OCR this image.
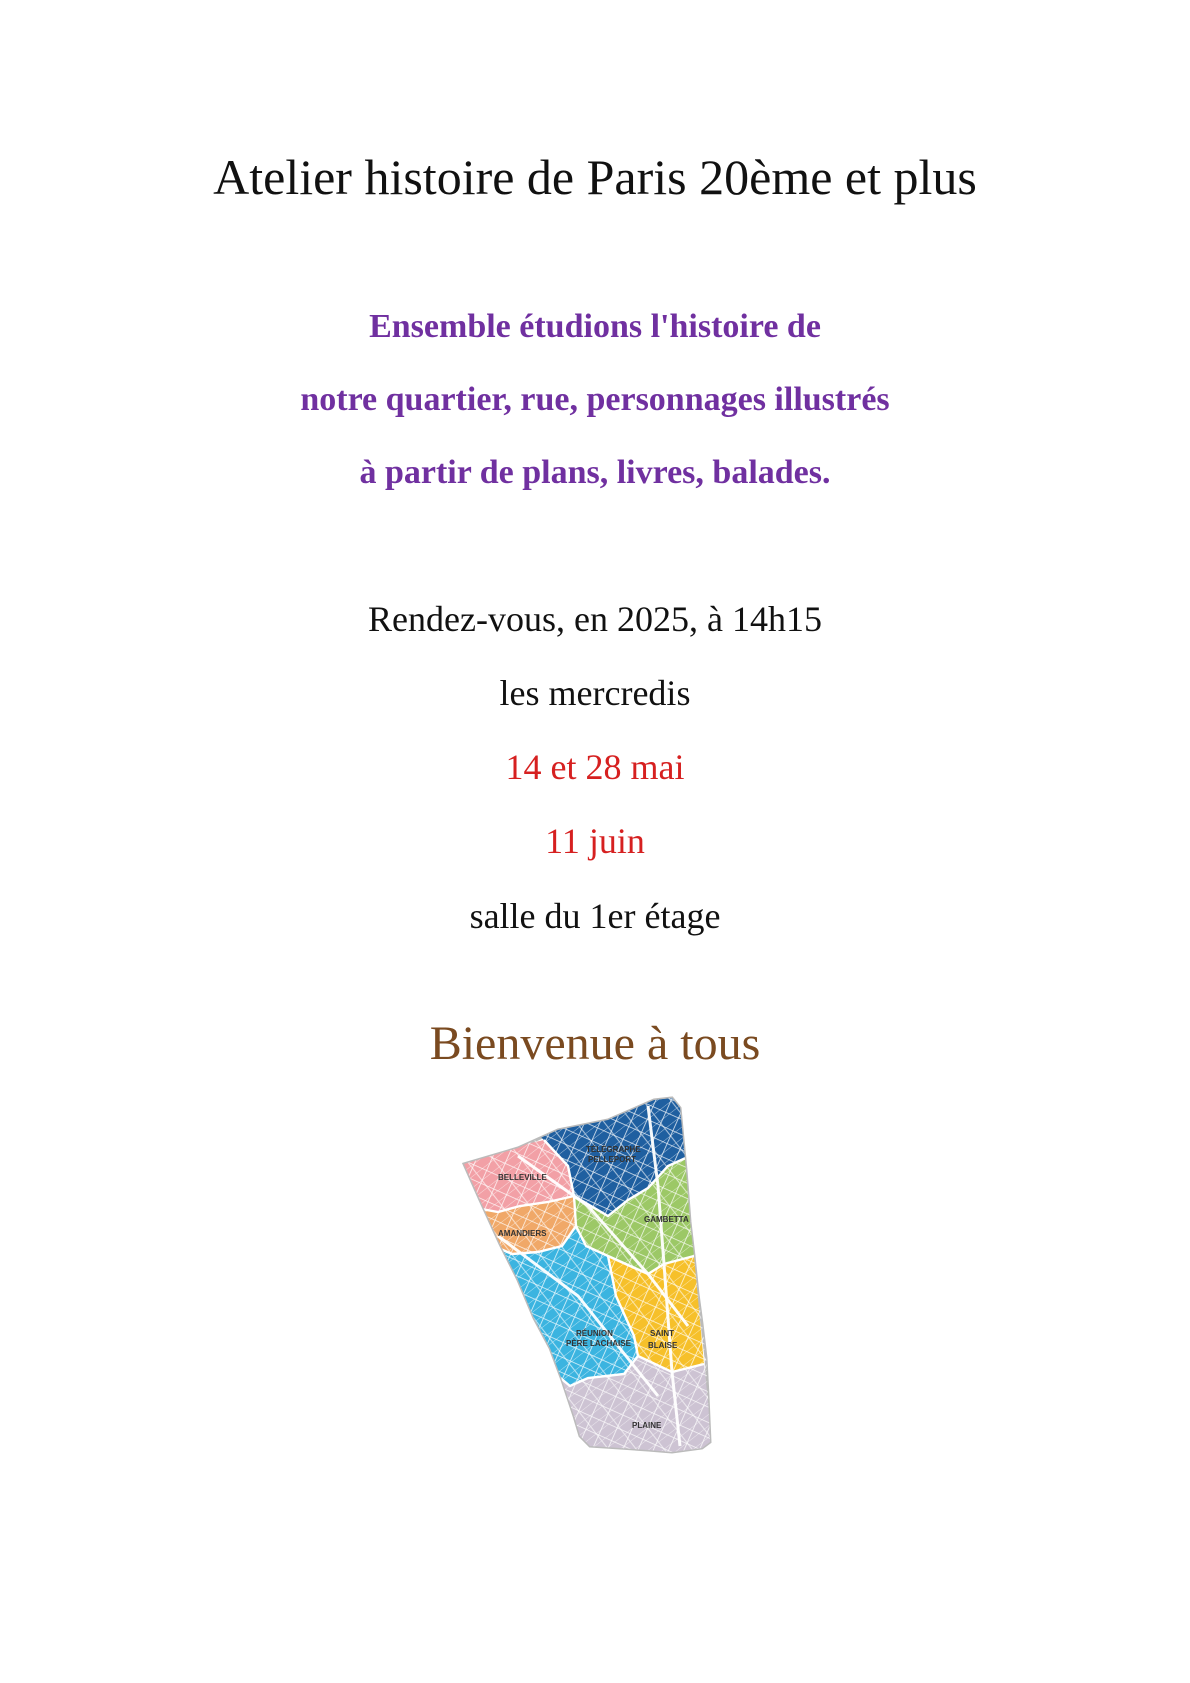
Atelier histoire de Paris 20ème et plus
Ensemble étudions l'histoire de
notre quartier, rue, personnages illustrés
à partir de plans, livres, balades.
Rendez-vous, en 2025, à 14h15
les mercredis
14 et 28 mai
11 juin
salle du 1er étage
Bienvenue à tous
BELLEVILLE
TÉLÉGRAPHE
PELLEPORT
AMANDIERS
GAMBETTA
RÉUNION
PÈRE LACHAISE
SAINT
BLAISE
PLAINE
